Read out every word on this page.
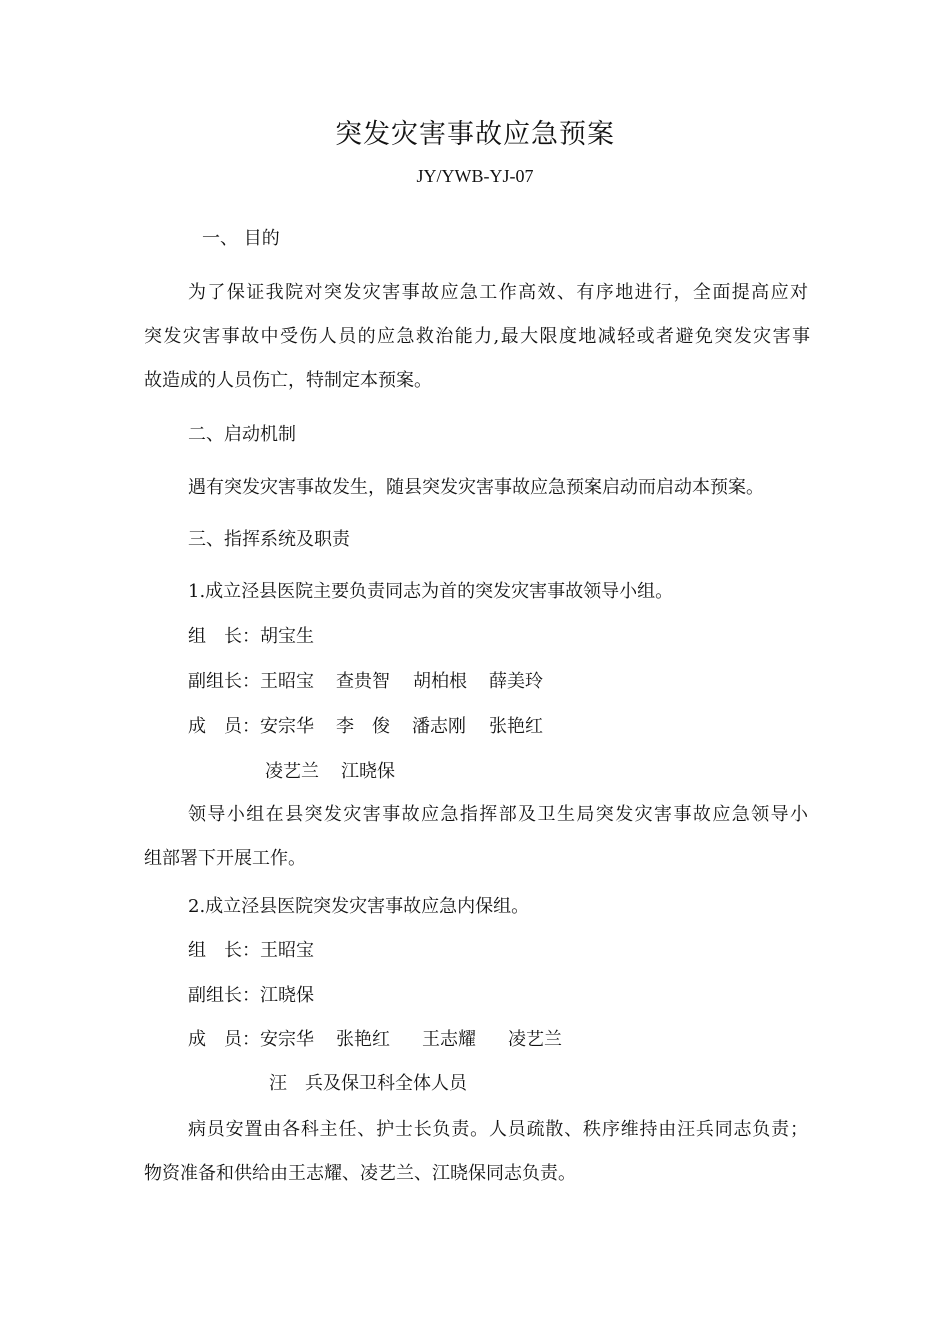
突发灾害事故应急预案
JY/YWB-YJ-07
一、 目的
为了保证我院对突发灾害事故应急工作高效、有序地进行，全面提高应对
突发灾害事故中受伤人员的应急救治能力,最大限度地减轻或者避免突发灾害事
故造成的人员伤亡，特制定本预案。
二、启动机制
遇有突发灾害事故发生，随县突发灾害事故应急预案启动而启动本预案。
三、指挥系统及职责
1.成立泾县医院主要负责同志为首的突发灾害事故领导小组。
组　长：胡宝生
副组长：王昭宝 查贵智 胡柏根 薛美玲
成　员：安宗华 李　俊 潘志刚 张艳红
凌艺兰 江晓保
领导小组在县突发灾害事故应急指挥部及卫生局突发灾害事故应急领导小
组部署下开展工作。
2.成立泾县医院突发灾害事故应急内保组。
组　长：王昭宝
副组长：江晓保
成　员：安宗华 张艳红 王志耀 凌艺兰
汪　兵及保卫科全体人员
病员安置由各科主任、护士长负责。人员疏散、秩序维持由汪兵同志负责；
物资准备和供给由王志耀、凌艺兰、江晓保同志负责。
